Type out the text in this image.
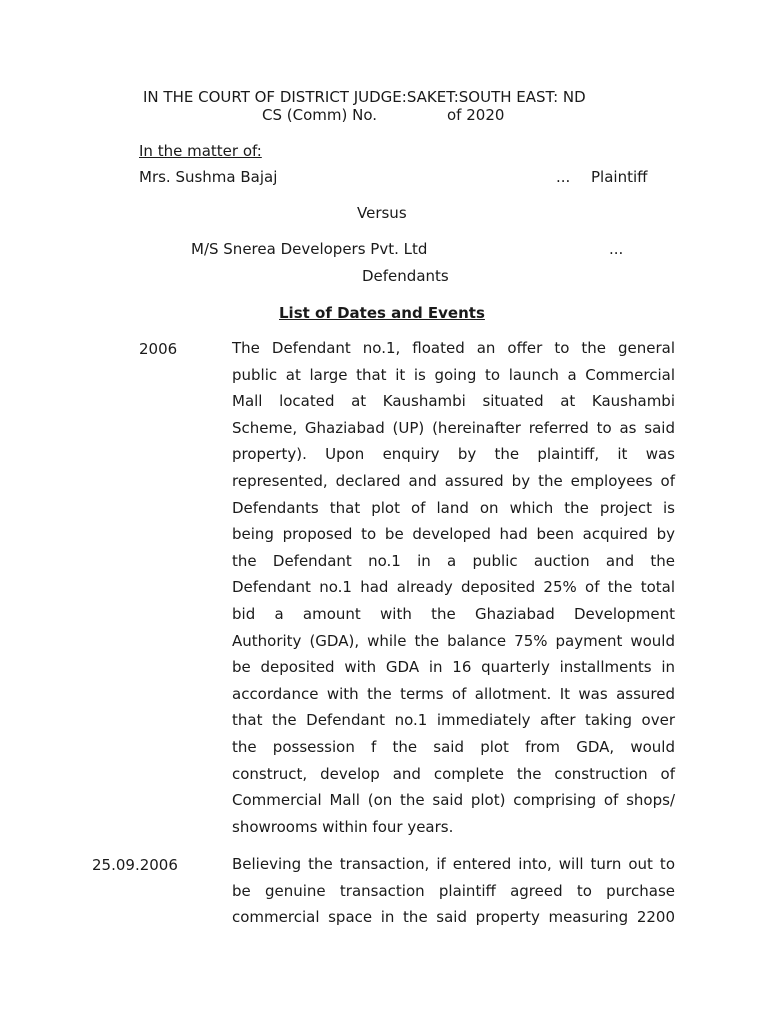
IN THE COURT OF DISTRICT JUDGE:SAKET:SOUTH EAST: ND
CS (Comm) No.	of 2020
In the matter of:
Mrs. Sushma Bajaj	... Plaintiff
Versus
M/S Snerea Developers Pvt. Ltd	...
Defendants
List of Dates and Events
2006	The Defendant no.1, floated an offer to the general
public at large that it is going to launch a Commercial
Mall located at Kaushambi situated at Kaushambi
Scheme, Ghaziabad (UP) (hereinafter referred to as said
property). Upon enquiry by the plaintiff, it was
represented, declared and assured by the employees of
Defendants that plot of land on which the project is
being proposed to be developed had been acquired by
the Defendant no.1 in a public auction and the
Defendant no.1 had already deposited 25% of the total
bid a amount with the Ghaziabad Development
Authority (GDA), while the balance 75% payment would
be deposited with GDA in 16 quarterly installments in
accordance with the terms of allotment. It was assured
that the Defendant no.1 immediately after taking over
the possession f the said plot from GDA, would
construct, develop and complete the construction of
Commercial Mall (on the said plot) comprising of shops/
showrooms within four years.
25.09.2006	Believing the transaction, if entered into, will turn out to
be genuine transaction plaintiff agreed to purchase
commercial space in the said property measuring 2200
